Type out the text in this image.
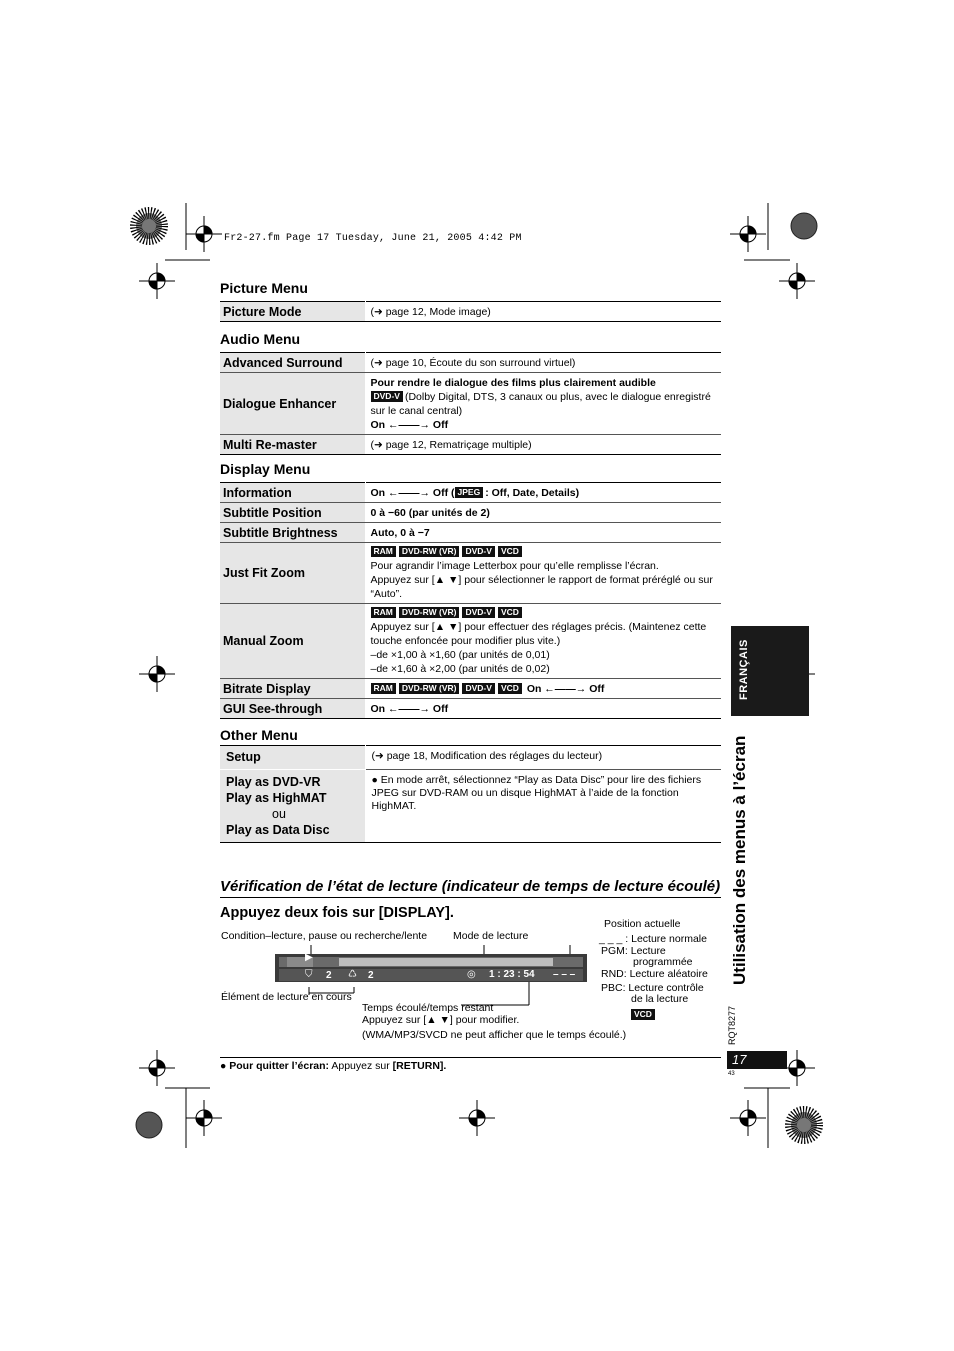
Fr2-27.fm Page 17 Tuesday, June 21, 2005 4:42 PM
Picture Menu
Picture Mode	(➜ page 12, Mode image)
Audio Menu
Advanced Surround	(➜ page 10, Écoute du son surround virtuel)
Dialogue Enhancer	Pour rendre le dialogue des films plus clairement audible
DVD-V (Dolby Digital, DTS, 3 canaux ou plus, avec le dialogue enregistré sur le canal central)
On ←——→ Off

Multi Re-master	(➜ page 12, Rematriçage multiple)
Display Menu
Information	On ←——→ Off ( JPEG : Off, Date, Details)
Subtitle Position	0 à −60 (par unités de 2)
Subtitle Brightness	Auto, 0 à −7
Just Fit Zoom	RAM DVD-RW (VR) DVD-V VCD
Pour agrandir l’image Letterbox pour qu’elle remplisse l’écran.
Appuyez sur [▲ ▼] pour sélectionner le rapport de format préréglé ou sur “Auto”.

Manual Zoom	RAM DVD-RW (VR) DVD-V VCD
Appuyez sur [▲ ▼] pour effectuer des réglages précis. (Maintenez cette touche enfoncée pour modifier plus vite.)
–de ×1,00 à ×1,60 (par unités de 0,01)
–de ×1,60 à ×2,00 (par unités de 0,02)

Bitrate Display	RAM DVD-RW (VR) DVD-V VCD On ←——→ Off
GUI See-through	On ←——→ Off
Other Menu
Setup	(➜ page 18, Modification des réglages du lecteur)

Play as DVD-VR
Play as HighMAT
ou
Play as Data Disc	● En mode arrêt, sélectionnez “Play as Data Disc” pour lire des fichiers JPEG sur DVD-RAM ou un disque HighMAT à l’aide de la fonction HighMAT.
Vérification de l’état de lecture (indicateur de temps de lecture écoulé)
Appuyez deux fois sur [DISPLAY].
Condition–lecture, pause ou recherche/lente Mode de lecture
Position actuelle
_ _ _ : Lecture normale
PGM: Lecture
programmée
RND: Lecture aléatoire
PBC: Lecture contrôle
de la lecture
VCD
▶
⛉ 2 ♺ 2	◎ 1 : 23 : 54 – – –
Élément de lecture en cours
Temps écoulé/temps restant
Appuyez sur [▲ ▼] pour modifier.
(WMA/MP3/SVCD ne peut afficher que le temps écoulé.)
FRANÇAIS
Utilisation des menus à l’écran
RQT8277
17
43
● Pour quitter l’écran: Appuyez sur [RETURN].
